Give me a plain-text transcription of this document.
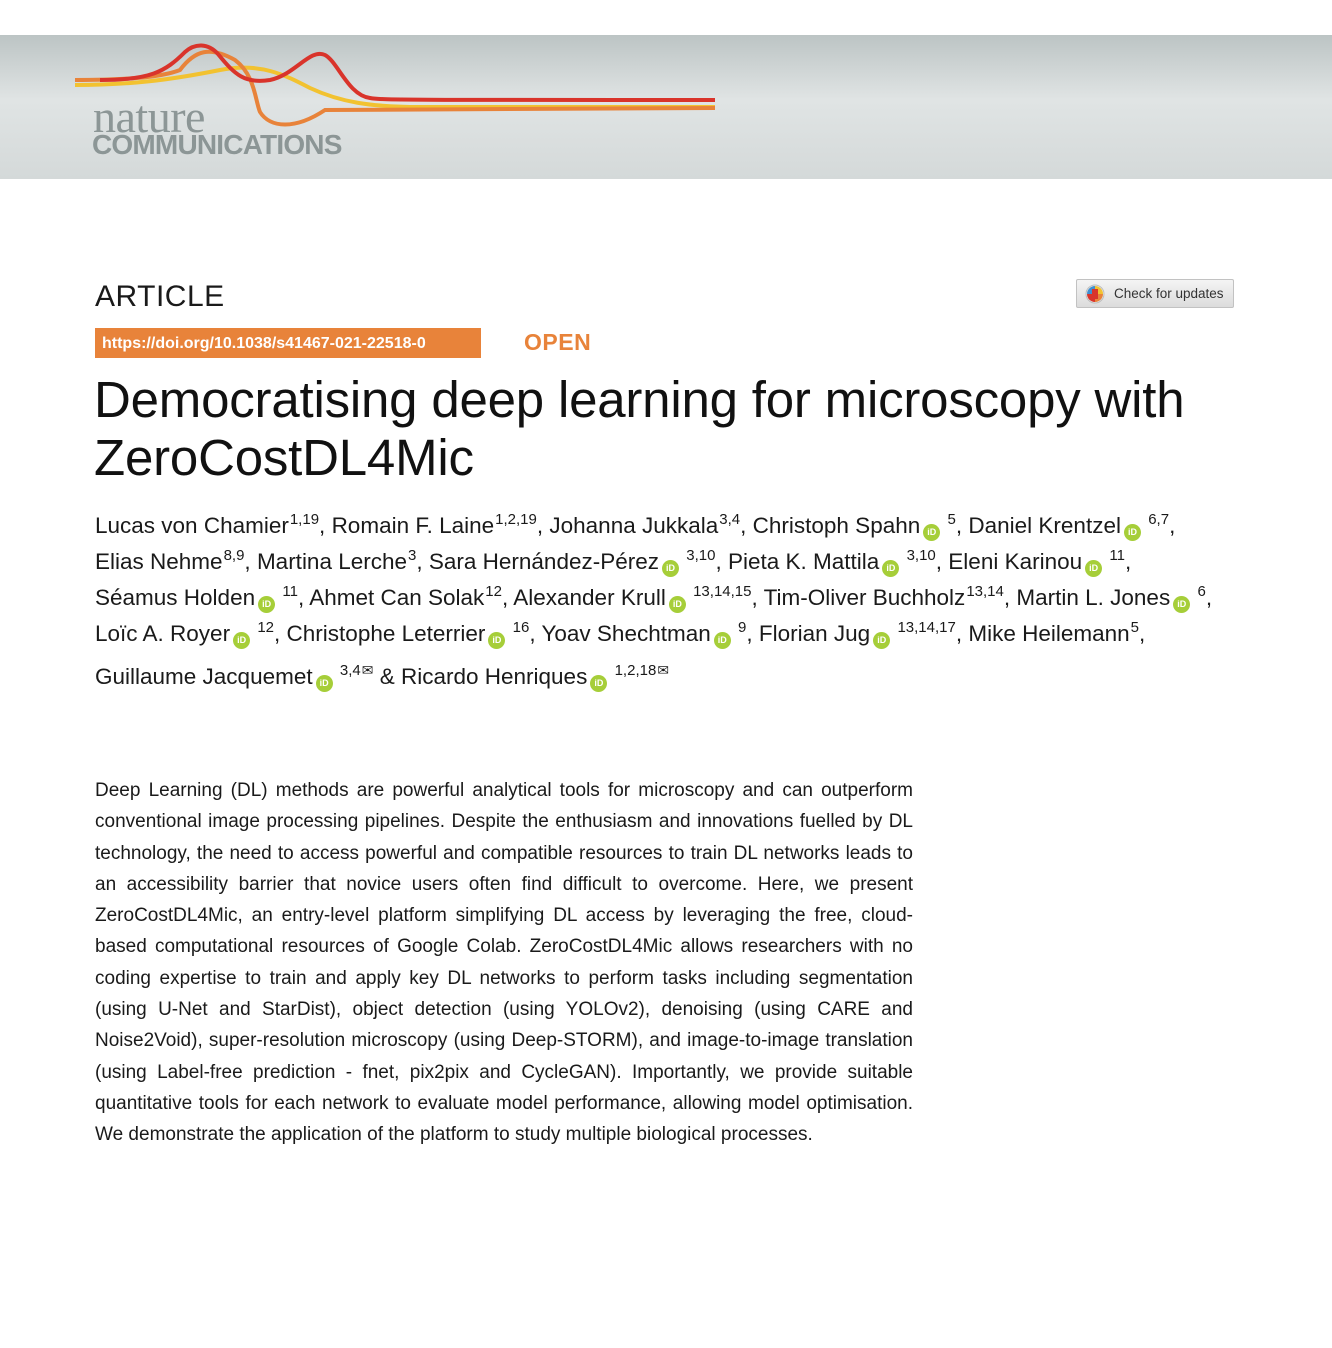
nature
COMMUNICATIONS
ARTICLE	Check for updates
https://doi.org/10.1038/s41467-021-22518-0	OPEN
Democratising deep learning for microscopy with ZeroCostDL4Mic
Lucas von Chamier$^{1,19}$, Romain F. Laine$^{1,2,19}$, Johanna Jukkala$^{3,4}$, Christoph Spahn iD $^5$, Daniel Krentzel iD $^{6,7}$, Elias Nehme$^{8,9}$, Martina Lerche$^3$, Sara Hernández-Pérez iD $^{3,10}$, Pieta K. Mattila iD $^{3,10}$, Eleni Karinou iD $^{11}$, Séamus Holden iD $^{11}$, Ahmet Can Solak$^{12}$, Alexander Krull iD $^{13,14,15}$, Tim-Oliver Buchholz$^{13,14}$, Martin L. Jones iD $^6$, Loïc A. Royer iD $^{12}$, Christophe Leterrier iD $^{16}$, Yoav Shechtman iD $^9$, Florian Jug iD $^{13,14,17}$, Mike Heilemann$^5$, Guillaume Jacquemet iD $^{3,4✉}$ & Ricardo Henriques iD $^{1,2,18✉}$

Deep Learning (DL) methods are powerful analytical tools for microscopy and can outperform conventional image processing pipelines. Despite the enthusiasm and innovations fuelled by DL technology, the need to access powerful and compatible resources to train DL networks leads to an accessibility barrier that novice users often find difficult to overcome. Here, we present ZeroCostDL4Mic, an entry-level platform simplifying DL access by leveraging the free, cloud-based computational resources of Google Colab. ZeroCostDL4Mic allows researchers with no coding expertise to train and apply key DL networks to perform tasks including segmentation (using U-Net and StarDist), object detection (using YOLOv2), denoising (using CARE and Noise2Void), super-resolution microscopy (using Deep-STORM), and image-to-image translation (using Label-free prediction - fnet, pix2pix and CycleGAN). Importantly, we provide suitable quantitative tools for each network to evaluate model performance, allowing model optimisation. We demonstrate the application of the platform to study multiple biological processes.
